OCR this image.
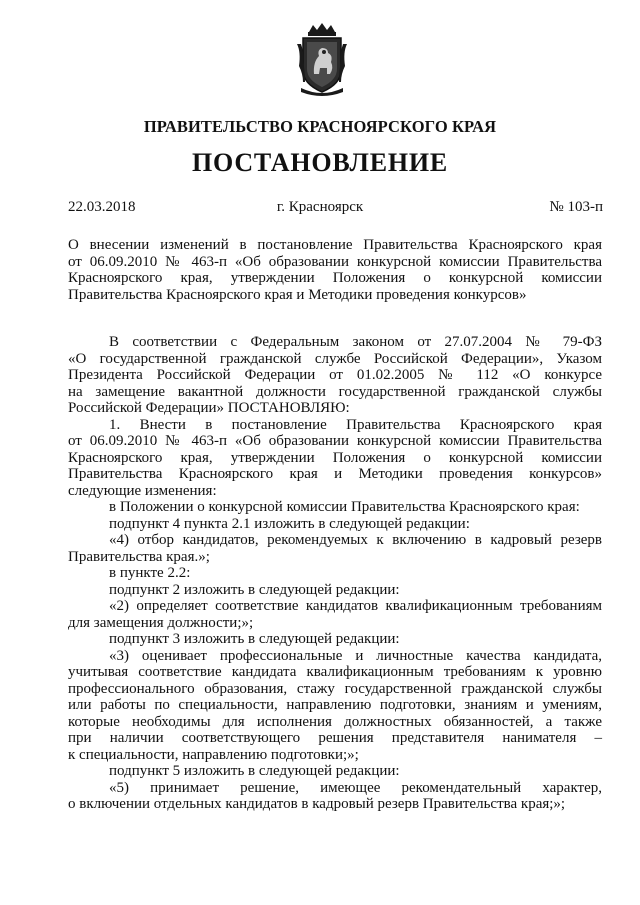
ПРАВИТЕЛЬСТВО КРАСНОЯРСКОГО КРАЯ
ПОСТАНОВЛЕНИЕ
22.03.2018	г. Красноярск	№ 103-п
О внесении изменений в постановление Правительства Красноярского края
от 06.09.2010 № 463-п «Об образовании конкурсной комиссии Правительства
Красноярского края, утверждении Положения о конкурсной комиссии
Правительства Красноярского края и Методики проведения конкурсов»
В соответствии с Федеральным законом от 27.07.2004 № 79-ФЗ
«О государственной гражданской службе Российской Федерации», Указом
Президента Российской Федерации от 01.02.2005 № 112 «О конкурсе
на замещение вакантной должности государственной гражданской службы
Российской Федерации» ПОСТАНОВЛЯЮ:
1. Внести в постановление Правительства Красноярского края
от 06.09.2010 № 463-п «Об образовании конкурсной комиссии Правительства
Красноярского края, утверждении Положения о конкурсной комиссии
Правительства Красноярского края и Методики проведения конкурсов»
следующие изменения:
в Положении о конкурсной комиссии Правительства Красноярского края:
подпункт 4 пункта 2.1 изложить в следующей редакции:
«4) отбор кандидатов, рекомендуемых к включению в кадровый резерв
Правительства края.»;
в пункте 2.2:
подпункт 2 изложить в следующей редакции:
«2) определяет соответствие кандидатов квалификационным требованиям
для замещения должности;»;
подпункт 3 изложить в следующей редакции:
«3) оценивает профессиональные и личностные качества кандидата,
учитывая соответствие кандидата квалификационным требованиям к уровню
профессионального образования, стажу государственной гражданской службы
или работы по специальности, направлению подготовки, знаниям и умениям,
которые необходимы для исполнения должностных обязанностей, а также
при наличии соответствующего решения представителя нанимателя –
к специальности, направлению подготовки;»;
подпункт 5 изложить в следующей редакции:
«5) принимает решение, имеющее рекомендательный характер,
о включении отдельных кандидатов в кадровый резерв Правительства края;»;
